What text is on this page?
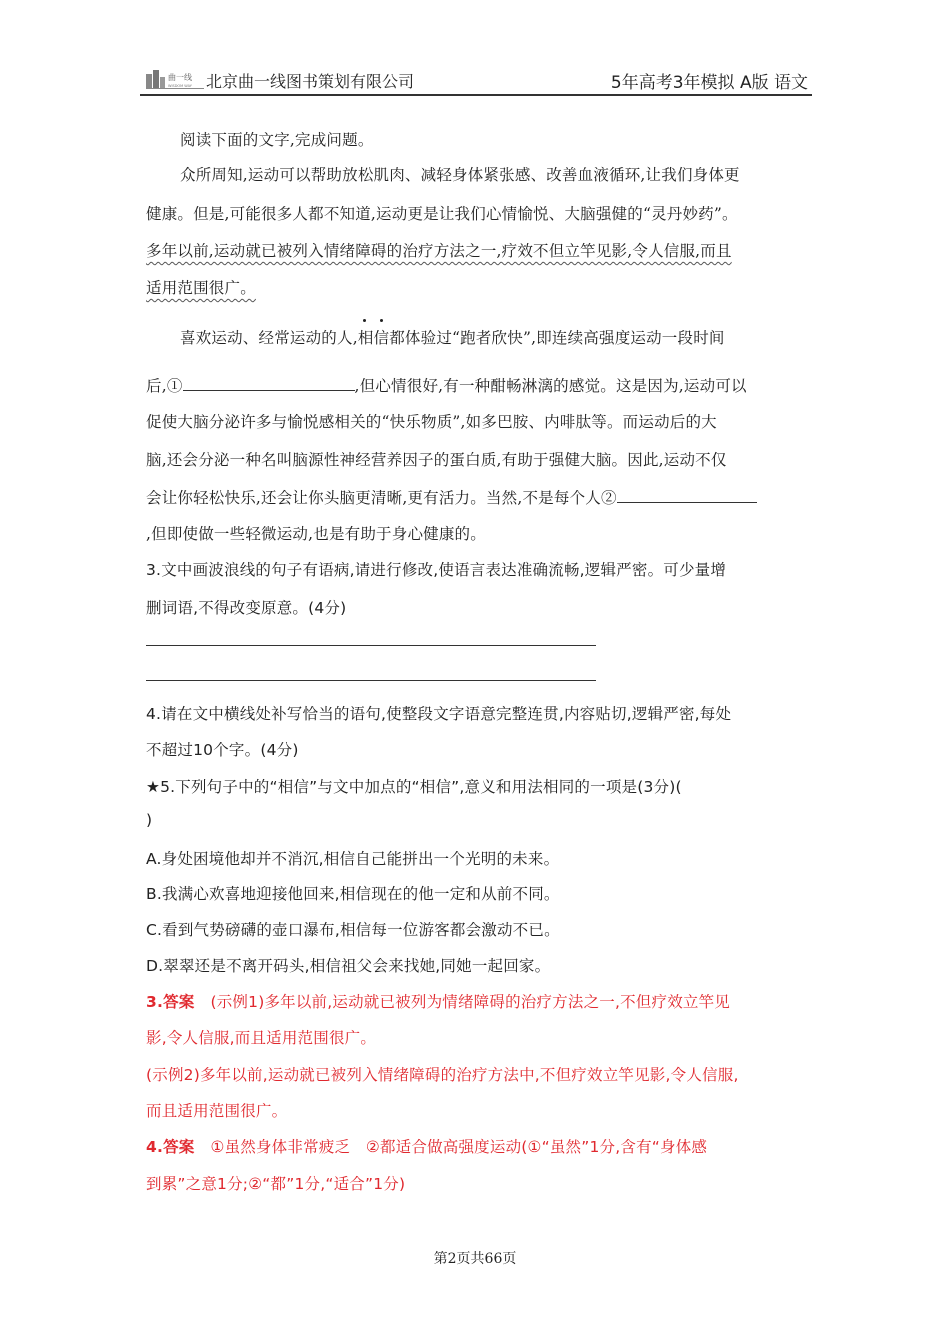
曲一线
WISDOM WAY 北京曲一线图书策划有限公司	5年高考3年模拟 A版 语文
阅读下面的文字,完成问题。
众所周知,运动可以帮助放松肌肉、减轻身体紧张感、改善血液循环,让我们身体更
健康。但是,可能很多人都不知道,运动更是让我们心情愉悦、大脑强健的“灵丹妙药”。
多年以前,运动就已被列入情绪障碍的治疗方法之一,疗效不但立竿见影,令人信服,而且
适用范围很广。
喜欢运动、经常运动的人,
相信都体验过“跑者欣快”,即连续高强度运动一段时间
后,①	,但心情很好,有一种酣畅淋漓的感觉。这是因为,运动可以
促使大脑分泌许多与愉悦感相关的“快乐物质”,如多巴胺、内啡肽等。而运动后的大
脑,还会分泌一种名叫脑源性神经营养因子的蛋白质,有助于强健大脑。因此,运动不仅
会让你轻松快乐,还会让你头脑更清晰,更有活力。当然,不是每个人②
,但即使做一些轻微运动,也是有助于身心健康的。
3.文中画波浪线的句子有语病,请进行修改,使语言表达准确流畅,逻辑严密。可少量增
删词语,不得改变原意。(4分)
4.请在文中横线处补写恰当的语句,使整段文字语意完整连贯,内容贴切,逻辑严密,每处
不超过10个字。(4分)
★5.下列句子中的“相信”与文中加点的“相信”,意义和用法相同的一项是(3分)(
)
A.身处困境他却并不消沉,相信自己能拼出一个光明的未来。
B.我满心欢喜地迎接他回来,相信现在的他一定和从前不同。
C.看到气势磅礴的壶口瀑布,相信每一位游客都会激动不已。
D.翠翠还是不离开码头,相信祖父会来找她,同她一起回家。
3.答案 (示例1)多年以前,运动就已被列为情绪障碍的治疗方法之一,不但疗效立竿见
影,令人信服,而且适用范围很广。
(示例2)多年以前,运动就已被列入情绪障碍的治疗方法中,不但疗效立竿见影,令人信服,
而且适用范围很广。
4.答案 ①虽然身体非常疲乏　②都适合做高强度运动(①“虽然”1分,含有“身体感
到累”之意1分;②“都”1分,“适合”1分)
第2页共66页
